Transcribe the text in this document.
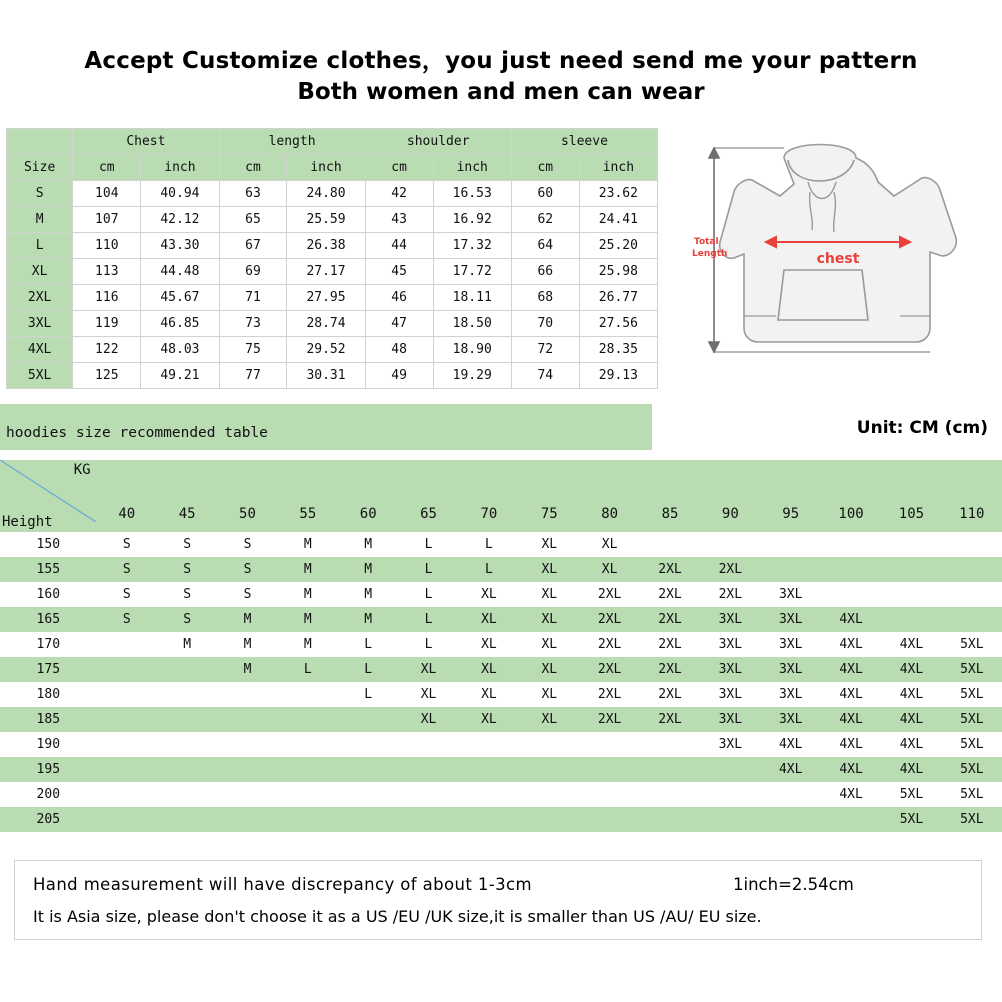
Accept Customize clothes，you just need send me your pattern
Both women and men can wear
	Chest		length		shoulder		sleeve	
Size	cm	inch	cm	inch	cm	inch	cm	inch
S	104	40.94	63	24.80	42	16.53	60	23.62
M	107	42.12	65	25.59	43	16.92	62	24.41
L	110	43.30	67	26.38	44	17.32	64	25.20
XL	113	44.48	69	27.17	45	17.72	66	25.98
2XL	116	45.67	71	27.95	46	18.11	68	26.77
3XL	119	46.85	73	28.74	47	18.50	70	27.56
4XL	122	48.03	75	29.52	48	18.90	72	28.35
5XL	125	49.21	77	30.31	49	19.29	74	29.13
chest
Total
Length
hoodies size recommended table	Unit: CM (cm)
KG
Height	40	45	50	55	60	65	70	75	80	85	90	95	100	105	110
150	S	S	S	M	M	L	L	XL	XL						
155	S	S	S	M	M	L	L	XL	XL	2XL	2XL				
160	S	S	S	M	M	L	XL	XL	2XL	2XL	2XL	3XL			
165	S	S	M	M	M	L	XL	XL	2XL	2XL	3XL	3XL	4XL		
170		M	M	M	L	L	XL	XL	2XL	2XL	3XL	3XL	4XL	4XL	5XL
175			M	L	L	XL	XL	XL	2XL	2XL	3XL	3XL	4XL	4XL	5XL
180					L	XL	XL	XL	2XL	2XL	3XL	3XL	4XL	4XL	5XL
185						XL	XL	XL	2XL	2XL	3XL	3XL	4XL	4XL	5XL
190											3XL	4XL	4XL	4XL	5XL
195												4XL	4XL	4XL	5XL
200													4XL	5XL	5XL
205														5XL	5XL
Hand measurement will have discrepancy of about 1-3cm	1inch=2.54cm
It is Asia size, please don't choose it as a US /EU /UK size,it is smaller than US /AU/ EU size.
